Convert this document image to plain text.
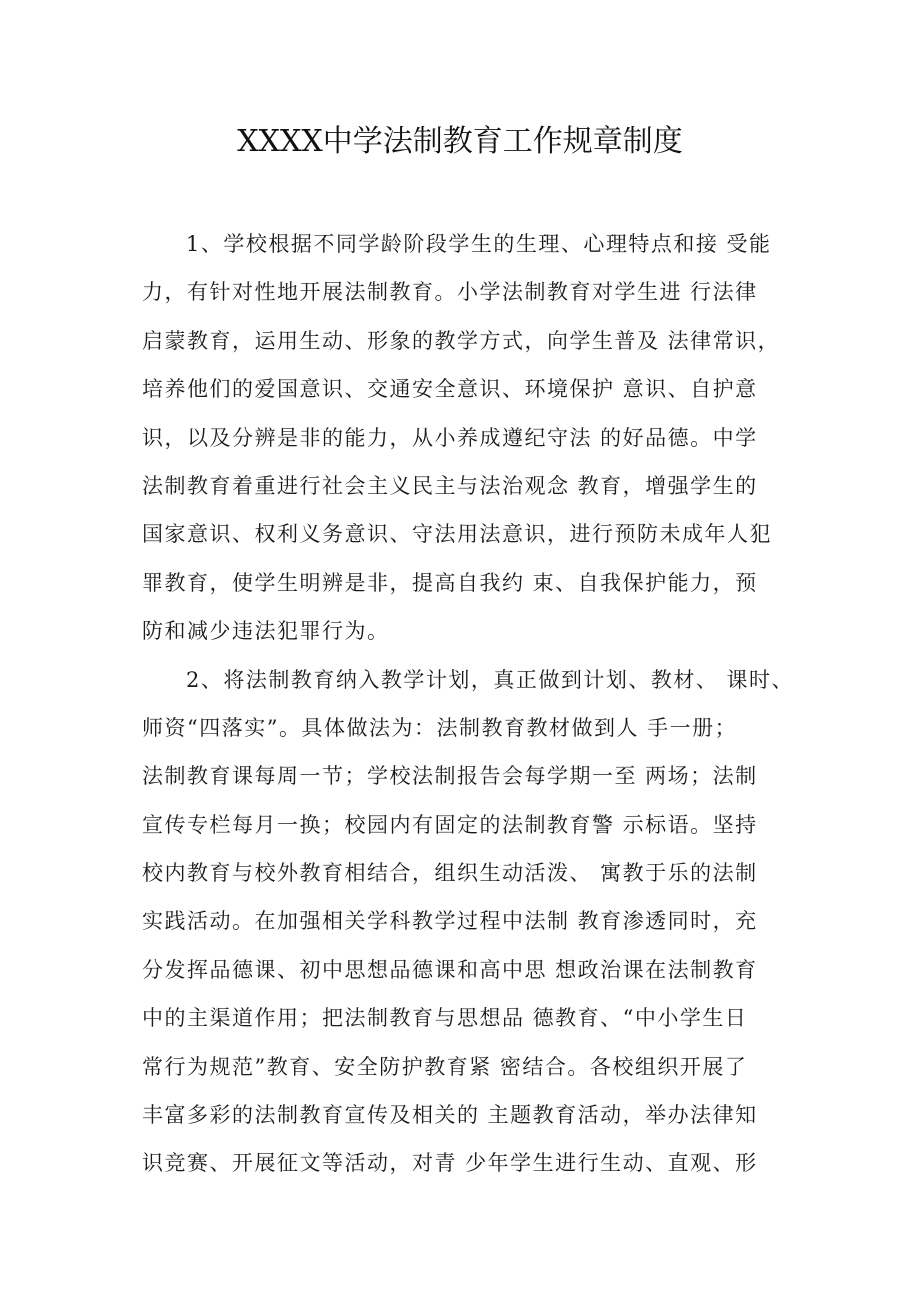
XXXX中学法制教育工作规章制度
1、学校根据不同学龄阶段学生的生理、心理特点和接 受能
力，有针对性地开展法制教育。小学法制教育对学生进 行法律
启蒙教育，运用生动、形象的教学方式，向学生普及 法律常识，
培养他们的爱国意识、交通安全意识、环境保护 意识、自护意
识，以及分辨是非的能力，从小养成遵纪守法 的好品德。中学
法制教育着重进行社会主义民主与法治观念 教育，增强学生的
国家意识、权利义务意识、守法用法意识，进行预防未成年人犯
罪教育，使学生明辨是非，提高自我约 束、自我保护能力，预
防和减少违法犯罪行为。
2、将法制教育纳入教学计划，真正做到计划、教材、 课时、
师资“四落实”。具体做法为：法制教育教材做到人 手一册；
法制教育课每周一节；学校法制报告会每学期一至 两场；法制
宣传专栏每月一换；校园内有固定的法制教育警 示标语。坚持
校内教育与校外教育相结合，组织生动活泼、 寓教于乐的法制
实践活动。在加强相关学科教学过程中法制 教育渗透同时，充
分发挥品德课、初中思想品德课和高中思 想政治课在法制教育
中的主渠道作用；把法制教育与思想品 德教育、“中小学生日
常行为规范”教育、安全防护教育紧 密结合。各校组织开展了
丰富多彩的法制教育宣传及相关的 主题教育活动，举办法律知
识竞赛、开展征文等活动，对青 少年学生进行生动、直观、形
